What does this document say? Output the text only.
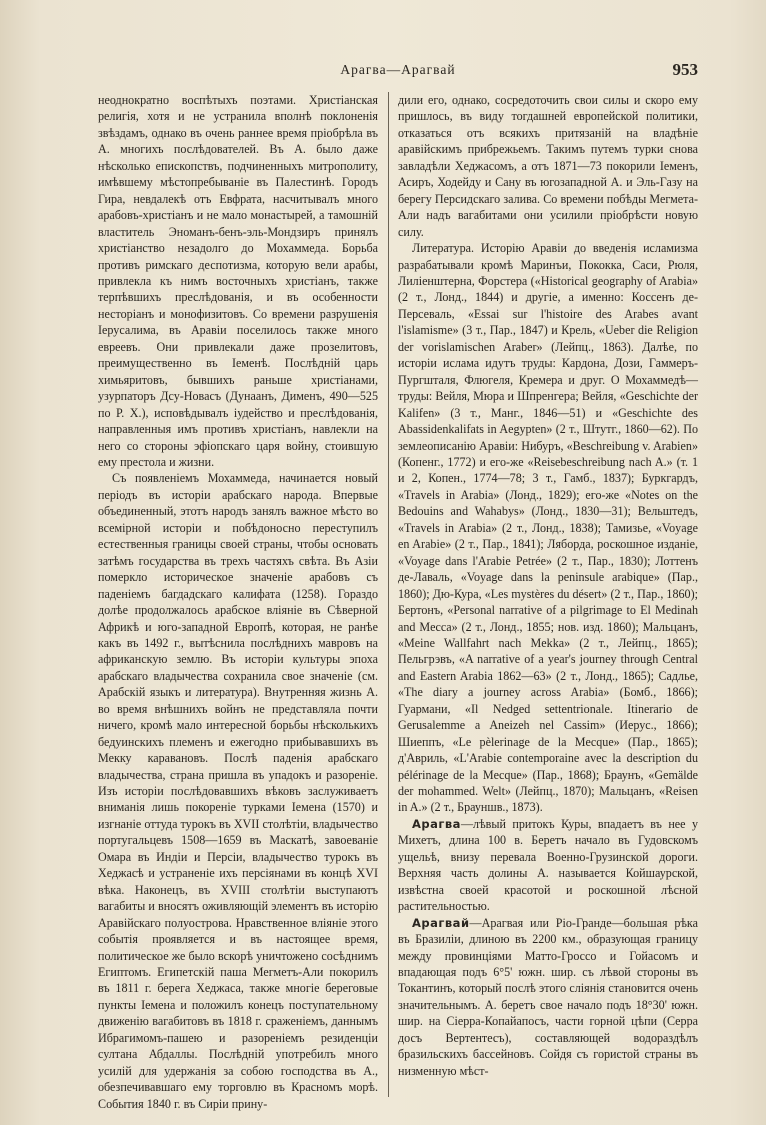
Арагва—Арагвай	953

неоднократно воспѣтыхъ поэтами. Христiанская религiя, хотя и не устранила вполнѣ поклоненiя звѣздамъ, однако въ очень раннее время прiобрѣла въ А. многихъ послѣдователей. Въ А. было даже нѣсколько епископствъ, подчиненныхъ митрополиту, имѣвшему мѣстопребыванiе въ Палестинѣ. Городъ Гира, невдалекѣ отъ Евфрата, насчитывалъ много арабовъ-христiанъ и не мало монастырей, а тамошнiй властитель Эноманъ-бенъ-эль-Мондзиръ принялъ христiанство незадолго до Мохаммеда. Борьба противъ римскаго деспотизма, которую вели арабы, привлекла къ нимъ восточныхъ христiанъ, также терпѣвшихъ преслѣдованiя, и въ особенности несторiанъ и монофизитовъ. Со времени разрушенiя Iерусалима, въ Аравiи поселилось также много евреевъ. Они привлекали даже прозелитовъ, преимущественно въ Iеменѣ. Послѣднiй царь химьяритовъ, бывшихъ раньше христiанами, узурпаторъ Дсу-Новасъ (Дунаанъ, Дименъ, 490—525 по Р. Х.), исповѣдывалъ iудейство и преслѣдованiя, направленныя имъ противъ христiанъ, навлекли на него со стороны эфiопскаго царя войну, стоившую ему престола и жизни.

Съ появленiемъ Мохаммеда, начинается новый перiодъ въ исторiи арабскаго народа. Впервые объединенный, этотъ народъ занялъ важное мѣсто во всемiрной исторiи и побѣдоносно переступилъ естественныя границы своей страны, чтобы основать затѣмъ государства въ трехъ частяхъ свѣта. Въ Азiи померкло историческое значенiе арабовъ съ паденiемъ багдадскаго калифата (1258). Гораздо долѣе продолжалось арабское влiянiе въ Сѣверной Африкѣ и юго-западной Европѣ, которая, не ранѣе какъ въ 1492 г., вытѣснила послѣднихъ мавровъ на африканскую землю. Въ исторiи культуры эпоха арабскаго владычества сохранила свое значенiе (см. Арабскiй языкъ и литература). Внутренняя жизнь А. во время внѣшнихъ войнъ не представляла почти ничего, кромѣ мало интересной борьбы нѣсколькихъ бедуинскихъ племенъ и ежегодно прибывавшихъ въ Мекку каравановъ. Послѣ паденiя арабскаго владычества, страна пришла въ упадокъ и разоренiе. Изъ исторiи послѣдовавшихъ вѣковъ заслуживаетъ вниманiя лишь покоренiе турками Iемена (1570) и изгнанiе оттуда турокъ въ XVII столѣтiи, владычество португальцевъ 1508—1659 въ Маскатѣ, завоеванiе Омара въ Индiи и Персiи, владычество турокъ въ Хеджасѣ и устраненiе ихъ персiянами въ концѣ XVI вѣка. Наконецъ, въ XVIII столѣтiи выступаютъ вагабиты и вносятъ оживляющiй элементъ въ исторiю Аравiйскаго полуострова. Нравственное влiянiе этого событiя проявляется и въ настоящее время, политическое же было вскорѣ уничтожено сосѣднимъ Египтомъ. Египетскiй паша Мегметъ-Али покорилъ въ 1811 г. берега Хеджаса, также многiе береговые пункты Iемена и положилъ конецъ поступательному движенiю вагабитовъ въ 1818 г. сраженiемъ, даннымъ Ибрагимомъ-пашею и разоренiемъ резиденцiи султана Абдаллы. Послѣднiй употребилъ много усилiй для удержанiя за собою господства въ А., обезпечивавшаго ему торговлю въ Красномъ морѣ. События 1840 г. въ Сирiи прину-

дили его, однако, сосредоточить свои силы и скоро ему пришлось, въ виду тогдашней европейской политики, отказаться отъ всякихъ притязанiй на владѣнiе аравiйскимъ прибрежьемъ. Такимъ путемъ турки снова завладѣли Хеджасомъ, а отъ 1871—73 покорили Iеменъ, Асиръ, Ходейду и Сану въ югозападной А. и Эль-Газу на берегу Персидскаго залива. Со времени побѣды Мегмета-Али надъ вагабитами они усилили прiобрѣсти новую силу.

Литература. Исторiю Аравiи до введенiя исламизма разрабатывали кромѣ Маринъи, Пококка, Саси, Рюля, Лилiенштерна, Форстера («Historical geography of Arabia» (2 т., Лонд., 1844) и другiе, а именно: Коссенъ де-Персеваль, «Essai sur l'histoire des Arabes avant l'islamisme» (3 т., Пар., 1847) и Крель, «Ueber die Religion der vorislamischen Araber» (Лейпц., 1863). Далѣе, по исторiи ислама идутъ труды: Кардона, Дози, Гаммеръ-Пургшталя, Флюгеля, Кремера и друг. О Мохаммедѣ—труды: Вейля, Мюра и Шпренгера; Вейля, «Geschichte der Kalifen» (3 т., Манг., 1846—51) и «Geschichte des Abassidenkalifats in Aegypten» (2 т., Штутг., 1860—62). По землеописанiю Аравiи: Нибуръ, «Beschreibung v. Arabien» (Копенг., 1772) и его-же «Reisebeschreibung nach A.» (т. 1 и 2, Копен., 1774—78; 3 т., Гамб., 1837); Буркгардъ, «Travels in Arabia» (Лонд., 1829); его-же «Notes on the Bedouins and Wahabys» (Лонд., 1830—31); Вельштедъ, «Travels in Arabia» (2 т., Лонд., 1838); Тамизье, «Voyage en Arabie» (2 т., Пар., 1841); Ляборда, роскошное изданiе, «Voyage dans l'Arabie Petrée» (2 т., Пар., 1830); Лоттенъ де-Лаваль, «Voyage dans la peninsule arabique» (Пар., 1860); Дю-Кура, «Les mystères du désert» (2 т., Пар., 1860); Бертонъ, «Personal narrative of a pilgrimage to El Medinah and Mecca» (2 т., Лонд., 1855; нов. изд. 1860); Мальцанъ, «Meine Wallfahrt nach Mekka» (2 т., Лейпц., 1865); Пельгрэвъ, «A narrative of a year's journey through Central and Eastern Arabia 1862—63» (2 т., Лонд., 1865); Садльe, «The diary a journey across Arabia» (Бомб., 1866); Гуармани, «Il Nedged settentrionale. Itinerario de Gerusalemme a Aneizeh nel Cassim» (Иерус., 1866); Шиеппъ, «Le pèlerinage de la Mecque» (Пар., 1865); д'Авриль, «L'Arabie contemporaine avec la description du pélérinage de la Mecque» (Пар., 1868); Браунъ, «Gemälde der mohammed. Welt» (Лейпц., 1870); Мальцанъ, «Reisen in A.» (2 т., Брауншв., 1873).

Арагва—лѣвый притокъ Куры, впадаетъ въ нее у Михетъ, длина 100 в. Беретъ начало въ Гудовскомъ ущельѣ, внизу перевала Военно-Грузинской дороги. Верхняя часть долины А. называется Койшаурской, извѣстна своей красотой и роскошной лѣсной растительностью.

Арагвай—Арагвая или Рiо-Гранде—большая рѣка въ Бразилiи, длиною въ 2200 км., образующая границу между провинцiями Матто-Гроссо и Гойасомъ и впадающая подъ 6°5' южн. шир. съ лѣвой стороны въ Токантинъ, который послѣ этого слiянiя становится очень значительнымъ. А. беретъ свое начало подъ 18°30' южн. шир. на Сiерра-Копайапосъ, части горной цѣпи (Серра досъ Вертентесъ), составляющей водораздѣлъ бразильскихъ бассейновъ. Сойдя съ гористой страны въ низменную мѣст-
